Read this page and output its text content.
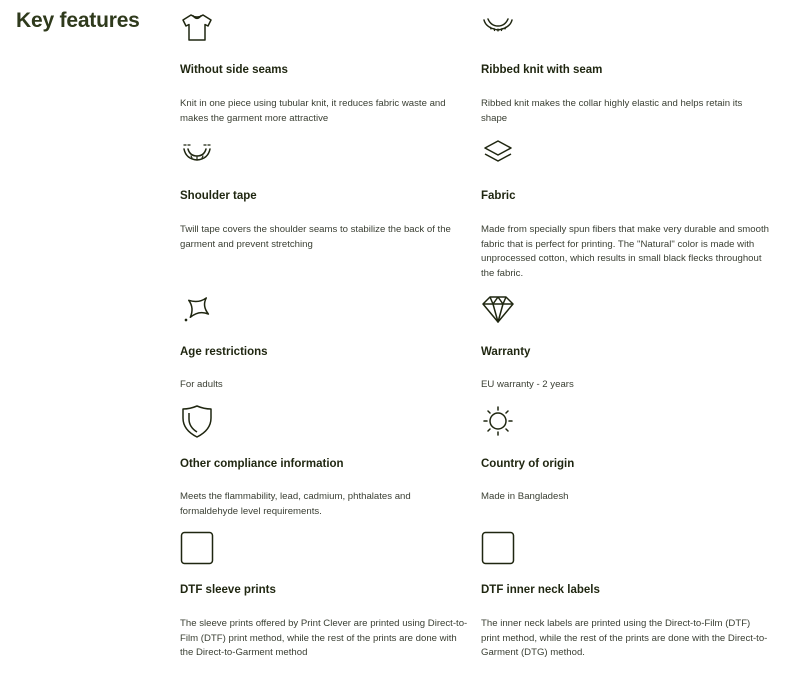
Key features
Without side seams
Knit in one piece using tubular knit, it reduces fabric waste and makes the garment more attractive
Ribbed knit with seam
Ribbed knit makes the collar highly elastic and helps retain its shape
Shoulder tape
Twill tape covers the shoulder seams to stabilize the back of the garment and prevent stretching
Fabric
Made from specially spun fibers that make very durable and smooth fabric that is perfect for printing. The "Natural" color is made with unprocessed cotton, which results in small black flecks throughout the fabric.
Age restrictions
For adults
Warranty
EU warranty - 2 years
Other compliance information
Meets the flammability, lead, cadmium, phthalates and formaldehyde level requirements.
Country of origin
Made in Bangladesh
DTF sleeve prints
The sleeve prints offered by Print Clever are printed using Direct-to-Film (DTF) print method, while the rest of the prints are done with the Direct-to-Garment method
DTF inner neck labels
The inner neck labels are printed using the Direct-to-Film (DTF) print method, while the rest of the prints are done with the Direct-to-Garment (DTG) method.
